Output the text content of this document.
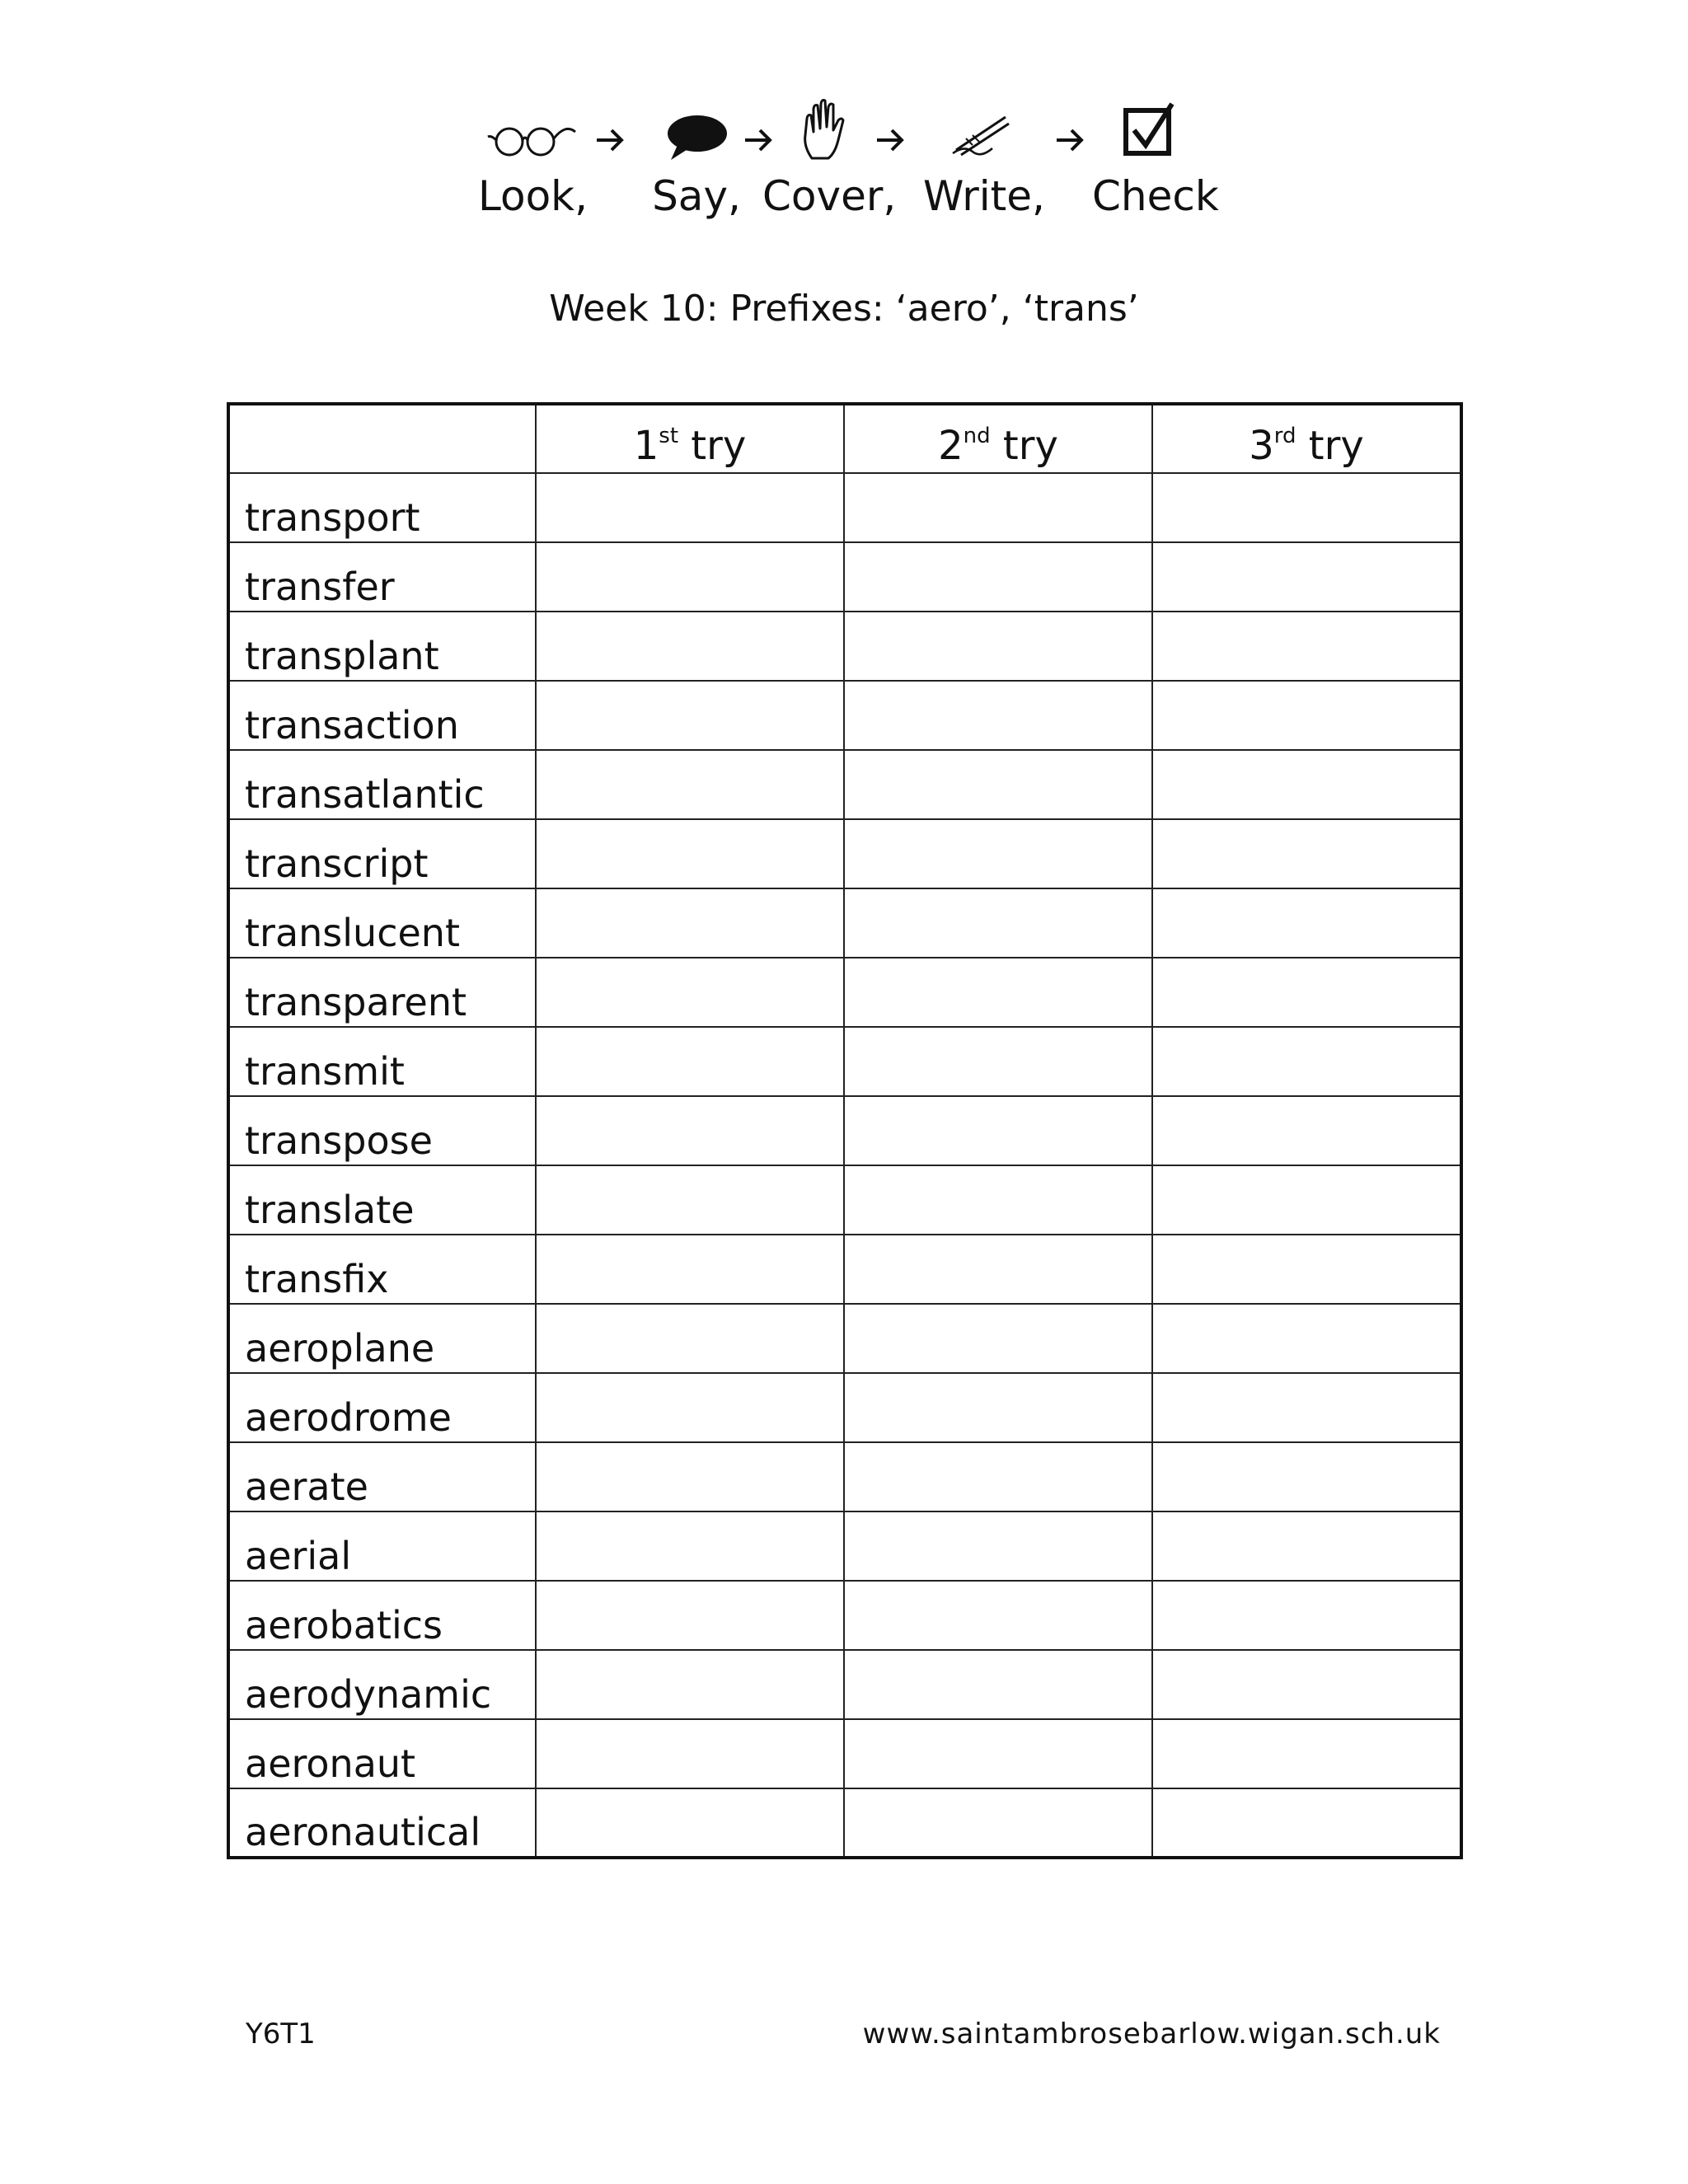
Look, Say, Cover, Write, Check
Week 10: Prefixes: ‘aero’, ‘trans’
	1st try	2nd try	3rd try
transport			
transfer			
transplant			
transaction			
transatlantic			
transcript			
translucent			
transparent			
transmit			
transpose			
translate			
transfix			
aeroplane			
aerodrome			
aerate			
aerial			
aerobatics			
aerodynamic			
aeronaut			
aeronautical			
Y6T1	www.saintambrosebarlow.wigan.sch.uk
